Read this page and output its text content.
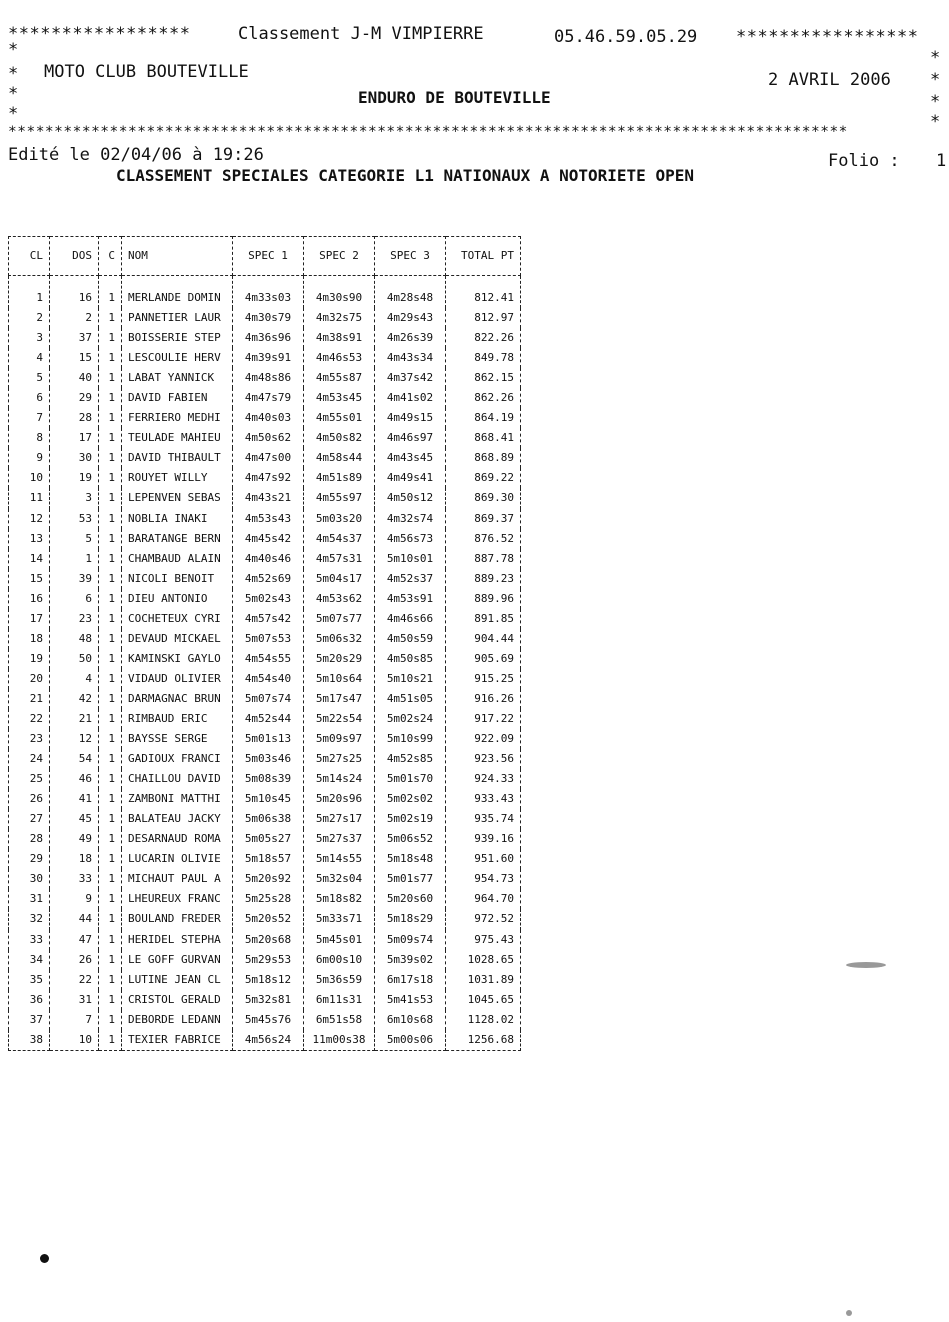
*****************	Classement J-M VIMPIERRE	05.46.59.05.29 *****************
*	*
* MOTO CLUB BOUTEVILLE	2 AVRIL 2006 *
*	ENDURO DE BOUTEVILLE	*
*	*
*******************************************************************************************
Edité le 02/04/06 à 19:26	Folio : 1
CLASSEMENT SPECIALES CATEGORIE L1 NATIONAUX A NOTORIETE OPEN
CL	DOS	C	NOM	SPEC 1	SPEC 2	SPEC 3	TOTAL PT
1	16	1	MERLANDE DOMIN	4m33s03	4m30s90	4m28s48	812.41
2	2	1	PANNETIER LAUR	4m30s79	4m32s75	4m29s43	812.97
3	37	1	BOISSERIE STEP	4m36s96	4m38s91	4m26s39	822.26
4	15	1	LESCOULIE HERV	4m39s91	4m46s53	4m43s34	849.78
5	40	1	LABAT YANNICK	4m48s86	4m55s87	4m37s42	862.15
6	29	1	DAVID FABIEN	4m47s79	4m53s45	4m41s02	862.26
7	28	1	FERRIERO MEDHI	4m40s03	4m55s01	4m49s15	864.19
8	17	1	TEULADE MAHIEU	4m50s62	4m50s82	4m46s97	868.41
9	30	1	DAVID THIBAULT	4m47s00	4m58s44	4m43s45	868.89
10	19	1	ROUYET WILLY	4m47s92	4m51s89	4m49s41	869.22
11	3	1	LEPENVEN SEBAS	4m43s21	4m55s97	4m50s12	869.30
12	53	1	NOBLIA INAKI	4m53s43	5m03s20	4m32s74	869.37
13	5	1	BARATANGE BERN	4m45s42	4m54s37	4m56s73	876.52
14	1	1	CHAMBAUD ALAIN	4m40s46	4m57s31	5m10s01	887.78
15	39	1	NICOLI BENOIT	4m52s69	5m04s17	4m52s37	889.23
16	6	1	DIEU ANTONIO	5m02s43	4m53s62	4m53s91	889.96
17	23	1	COCHETEUX CYRI	4m57s42	5m07s77	4m46s66	891.85
18	48	1	DEVAUD MICKAEL	5m07s53	5m06s32	4m50s59	904.44
19	50	1	KAMINSKI GAYLO	4m54s55	5m20s29	4m50s85	905.69
20	4	1	VIDAUD OLIVIER	4m54s40	5m10s64	5m10s21	915.25
21	42	1	DARMAGNAC BRUN	5m07s74	5m17s47	4m51s05	916.26
22	21	1	RIMBAUD ERIC	4m52s44	5m22s54	5m02s24	917.22
23	12	1	BAYSSE SERGE	5m01s13	5m09s97	5m10s99	922.09
24	54	1	GADIOUX FRANCI	5m03s46	5m27s25	4m52s85	923.56
25	46	1	CHAILLOU DAVID	5m08s39	5m14s24	5m01s70	924.33
26	41	1	ZAMBONI MATTHI	5m10s45	5m20s96	5m02s02	933.43
27	45	1	BALATEAU JACKY	5m06s38	5m27s17	5m02s19	935.74
28	49	1	DESARNAUD ROMA	5m05s27	5m27s37	5m06s52	939.16
29	18	1	LUCARIN OLIVIE	5m18s57	5m14s55	5m18s48	951.60
30	33	1	MICHAUT PAUL A	5m20s92	5m32s04	5m01s77	954.73
31	9	1	LHEUREUX FRANC	5m25s28	5m18s82	5m20s60	964.70
32	44	1	BOULAND FREDER	5m20s52	5m33s71	5m18s29	972.52
33	47	1	HERIDEL STEPHA	5m20s68	5m45s01	5m09s74	975.43
34	26	1	LE GOFF GURVAN	5m29s53	6m00s10	5m39s02	1028.65
35	22	1	LUTINE JEAN CL	5m18s12	5m36s59	6m17s18	1031.89
36	31	1	CRISTOL GERALD	5m32s81	6m11s31	5m41s53	1045.65
37	7	1	DEBORDE LEDANN	5m45s76	6m51s58	6m10s68	1128.02
38	10	1	TEXIER FABRICE	4m56s24	11m00s38	5m00s06	1256.68
